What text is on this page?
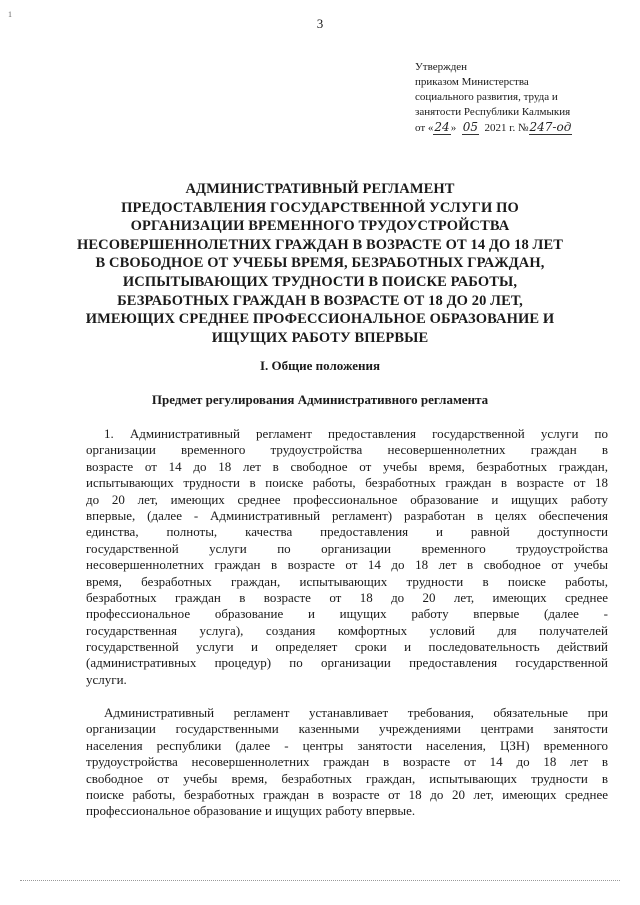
1
3
Утвержден
приказом Министерства
социального развития, труда и
занятости Республики Калмыкия
от «24» 05 2021 г. №247-од
АДМИНИСТРАТИВНЫЙ РЕГЛАМЕНТ
ПРЕДОСТАВЛЕНИЯ ГОСУДАРСТВЕННОЙ УСЛУГИ ПО
ОРГАНИЗАЦИИ ВРЕМЕННОГО ТРУДОУСТРОЙСТВА
НЕСОВЕРШЕННОЛЕТНИХ ГРАЖДАН В ВОЗРАСТЕ ОТ 14 ДО 18 ЛЕТ
В СВОБОДНОЕ ОТ УЧЕБЫ ВРЕМЯ, БЕЗРАБОТНЫХ ГРАЖДАН,
ИСПЫТЫВАЮЩИХ ТРУДНОСТИ В ПОИСКЕ РАБОТЫ,
БЕЗРАБОТНЫХ ГРАЖДАН В ВОЗРАСТЕ ОТ 18 ДО 20 ЛЕТ,
ИМЕЮЩИХ СРЕДНЕЕ ПРОФЕССИОНАЛЬНОЕ ОБРАЗОВАНИЕ И
ИЩУЩИХ РАБОТУ ВПЕРВЫЕ
I. Общие положения
Предмет регулирования Административного регламента
1. Административный регламент предоставления государственной услуги по
организации временного трудоустройства несовершеннолетних граждан в
возрасте от 14 до 18 лет в свободное от учебы время, безработных граждан,
испытывающих трудности в поиске работы, безработных граждан в возрасте от 18
до 20 лет, имеющих среднее профессиональное образование и ищущих работу
впервые, (далее - Административный регламент) разработан в целях обеспечения
единства, полноты, качества предоставления и равной доступности
государственной услуги по организации временного трудоустройства
несовершеннолетних граждан в возрасте от 14 до 18 лет в свободное от учебы
время, безработных граждан, испытывающих трудности в поиске работы,
безработных граждан в возрасте от 18 до 20 лет, имеющих среднее
профессиональное образование и ищущих работу впервые (далее -
государственная услуга), создания комфортных условий для получателей
государственной услуги и определяет сроки и последовательность действий
(административных процедур) по организации предоставления государственной
услуги.
Административный регламент устанавливает требования, обязательные при
организации государственными казенными учреждениями центрами занятости
населения республики (далее - центры занятости населения, ЦЗН) временного
трудоустройства несовершеннолетних граждан в возрасте от 14 до 18 лет в
свободное от учебы время, безработных граждан, испытывающих трудности в
поиске работы, безработных граждан в возрасте от 18 до 20 лет, имеющих среднее
профессиональное образование и ищущих работу впервые.
